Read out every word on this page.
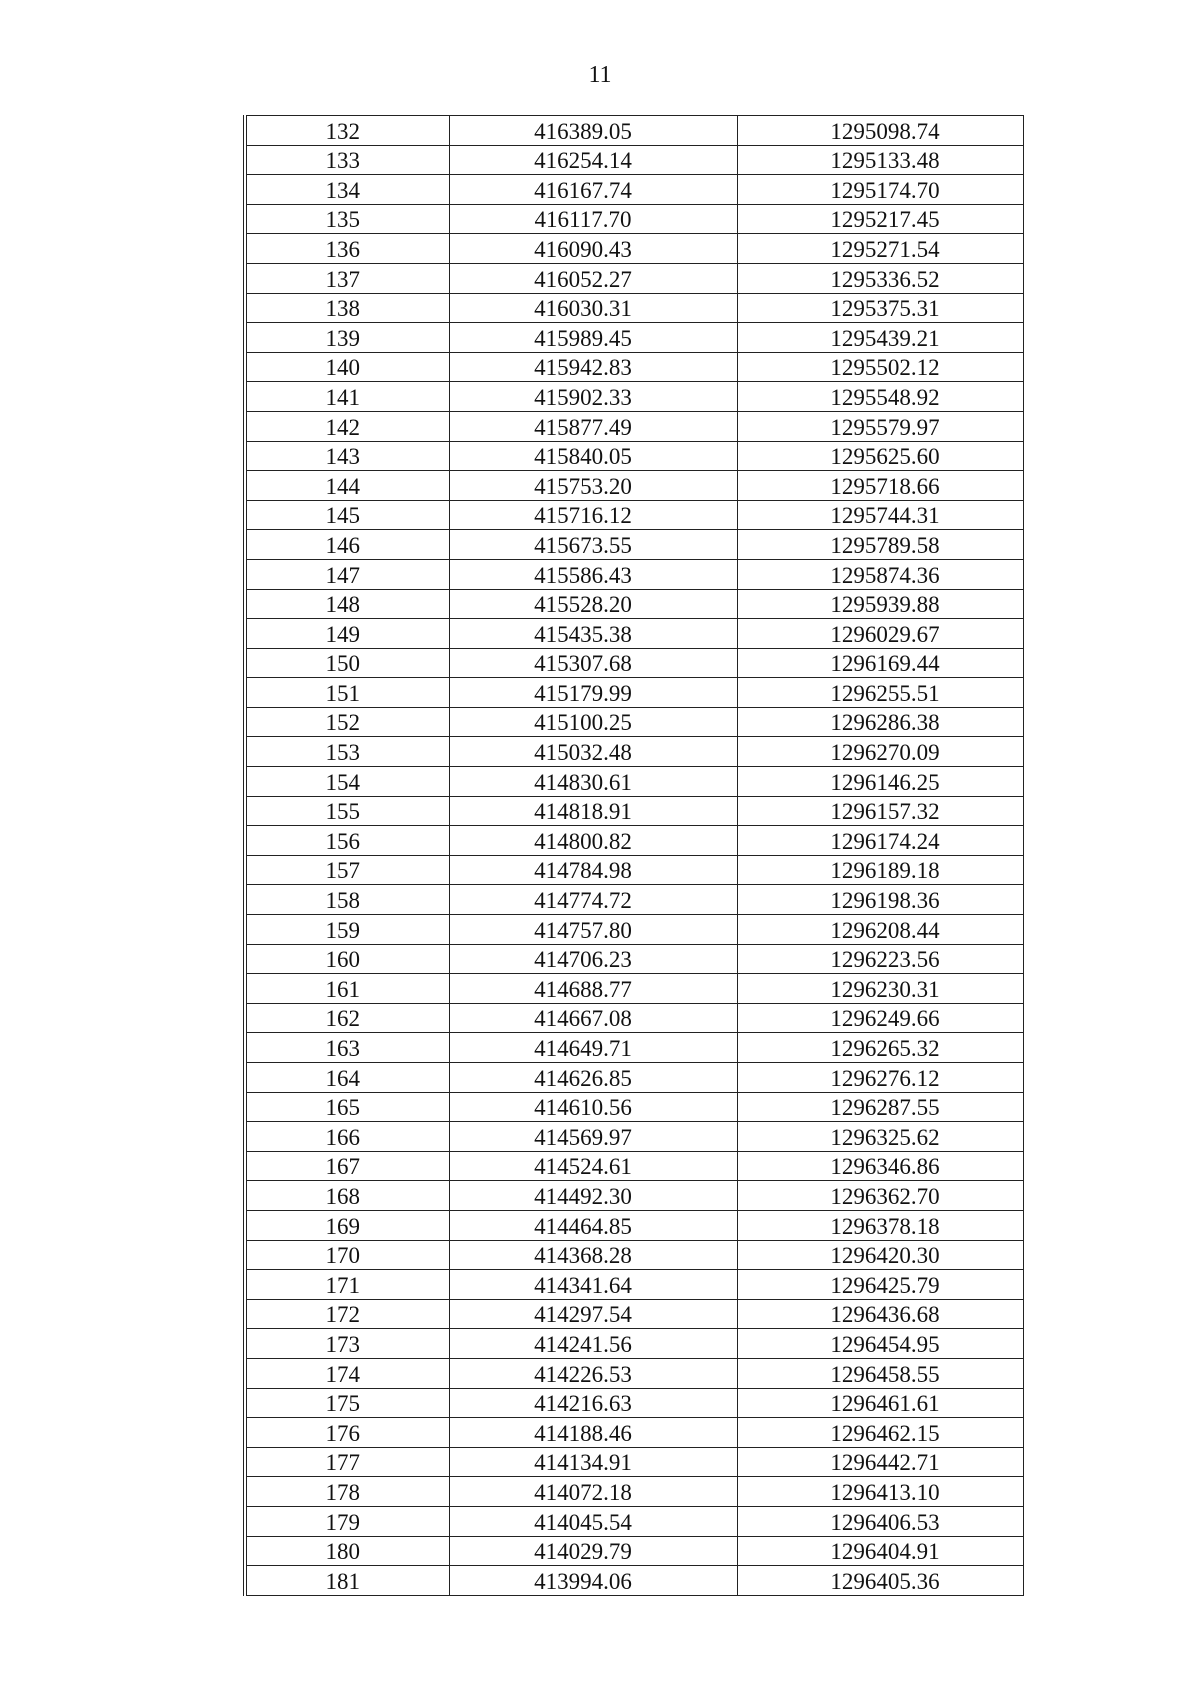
11
132	416389.05	1295098.74
133	416254.14	1295133.48
134	416167.74	1295174.70
135	416117.70	1295217.45
136	416090.43	1295271.54
137	416052.27	1295336.52
138	416030.31	1295375.31
139	415989.45	1295439.21
140	415942.83	1295502.12
141	415902.33	1295548.92
142	415877.49	1295579.97
143	415840.05	1295625.60
144	415753.20	1295718.66
145	415716.12	1295744.31
146	415673.55	1295789.58
147	415586.43	1295874.36
148	415528.20	1295939.88
149	415435.38	1296029.67
150	415307.68	1296169.44
151	415179.99	1296255.51
152	415100.25	1296286.38
153	415032.48	1296270.09
154	414830.61	1296146.25
155	414818.91	1296157.32
156	414800.82	1296174.24
157	414784.98	1296189.18
158	414774.72	1296198.36
159	414757.80	1296208.44
160	414706.23	1296223.56
161	414688.77	1296230.31
162	414667.08	1296249.66
163	414649.71	1296265.32
164	414626.85	1296276.12
165	414610.56	1296287.55
166	414569.97	1296325.62
167	414524.61	1296346.86
168	414492.30	1296362.70
169	414464.85	1296378.18
170	414368.28	1296420.30
171	414341.64	1296425.79
172	414297.54	1296436.68
173	414241.56	1296454.95
174	414226.53	1296458.55
175	414216.63	1296461.61
176	414188.46	1296462.15
177	414134.91	1296442.71
178	414072.18	1296413.10
179	414045.54	1296406.53
180	414029.79	1296404.91
181	413994.06	1296405.36
